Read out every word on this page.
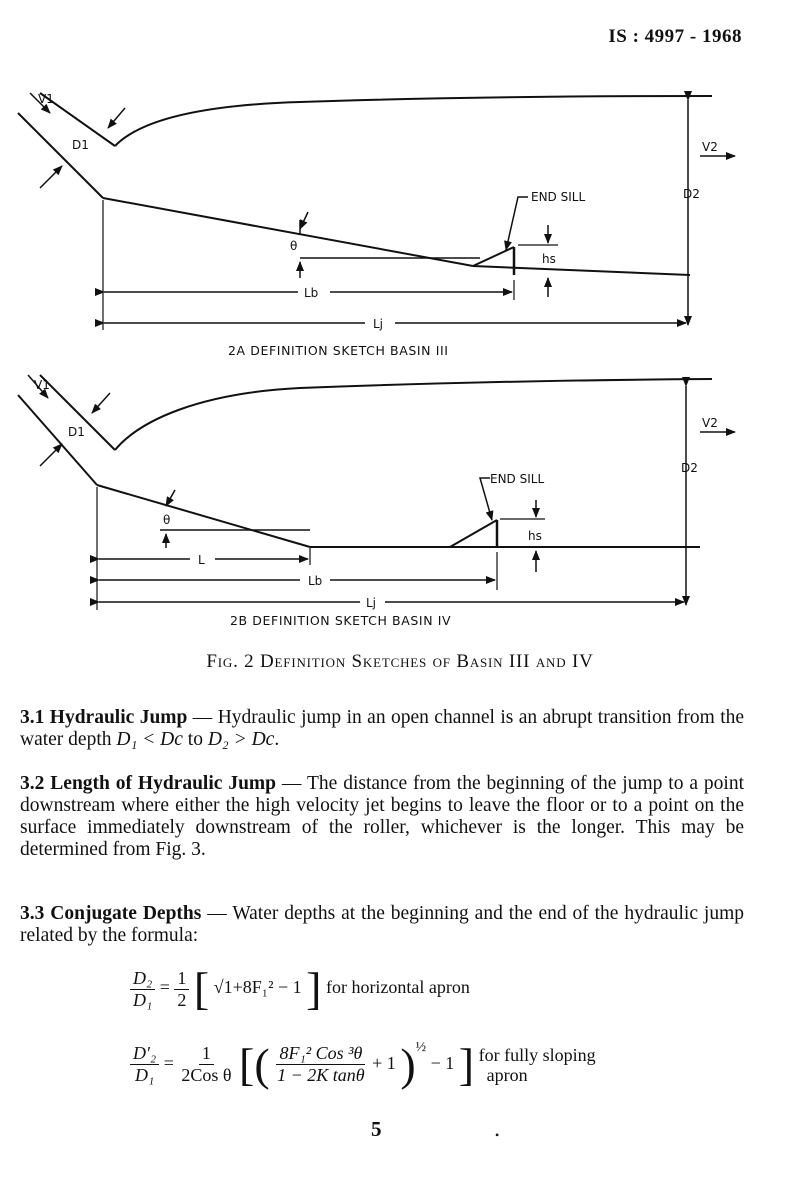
IS : 4997 - 1968
V1
D1	V2
D2
θ
END SILL
hs
Lb
Lj
2A DEFINITION SKETCH BASIN III
V1
D1
V2
D2
θ
END SILL
hs
L
Lb
Lj
2B DEFINITION SKETCH BASIN IV
Fig. 2 Definition Sketches of Basin III and IV
3.1 Hydraulic Jump — Hydraulic jump in an open channel is an abrupt transition from the water depth D₁ < Dc to D₂ > Dc.
3.2 Length of Hydraulic Jump — The distance from the beginning of the jump to a point downstream where either the high velocity jet begins to leave the floor or to a point on the surface immediately downstream of the roller, whichever is the longer. This may be determined from Fig. 3.
3.3 Conjugate Depths — Water depths at the beginning and the end of the hydraulic jump related by the formula:
$\frac{\text{D₂}}{\text{D₁}} = \frac{1}{2}$ [ √1+8F₁² − 1 ] for horizontal apron
$\frac{\text{D′₂}}{\text{D₁}} = \frac{1}{\text{2Cos θ}}$ [( $\frac{\text{8F₁² Cos ³θ}}{\text{1 − 2K tanθ}} + 1$ )$^{\frac{1}{2}}$ − 1 ] for fully sloping
apron
5	•
